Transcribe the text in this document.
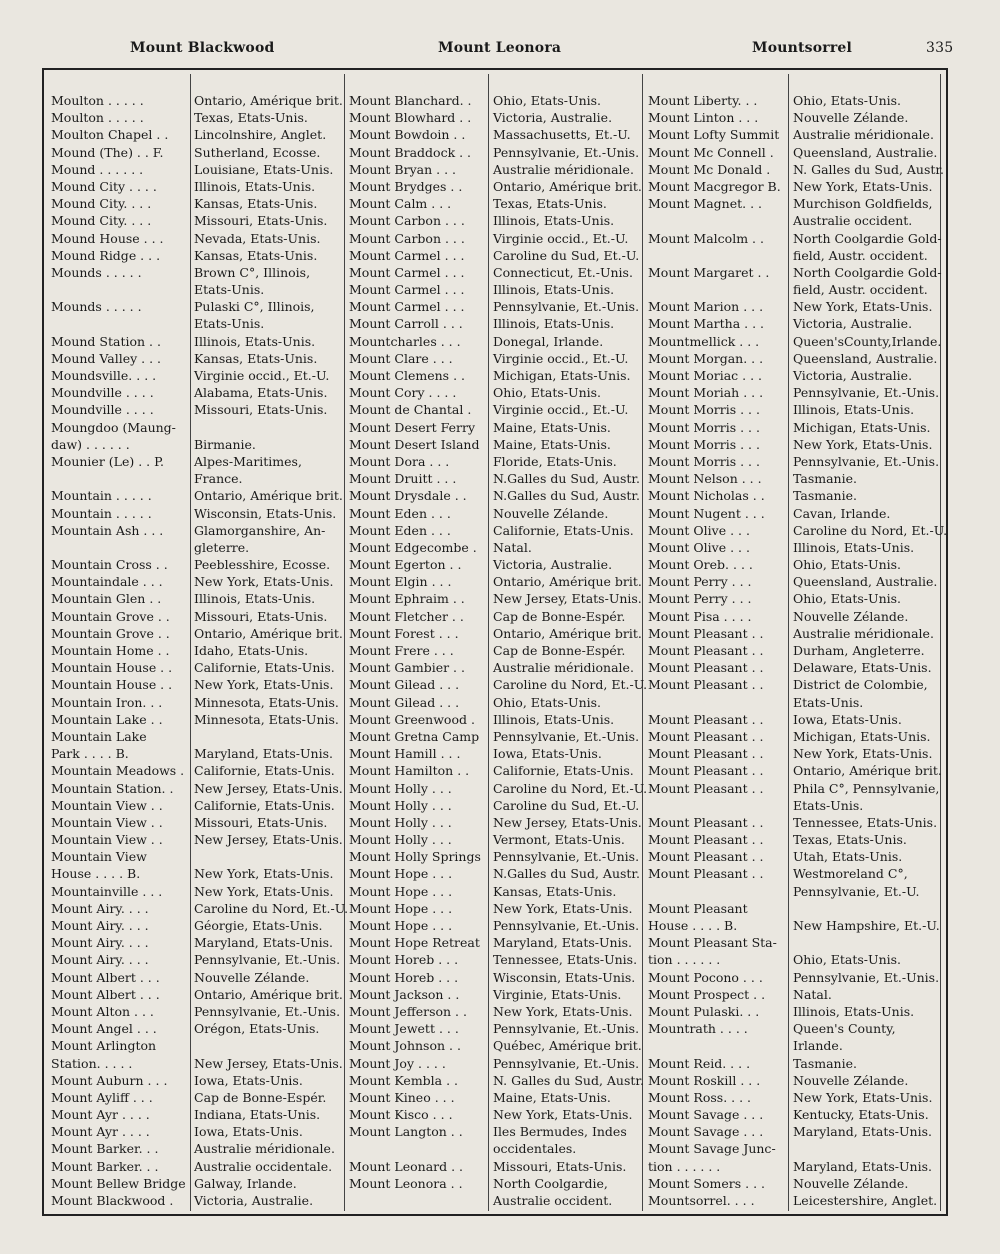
Mount Blackwood	Mount Leonora	Mountsorrel	335
Moulton . . . . .	Ontario, Amérique brit.
Moulton . . . . .	Texas, Etats-Unis.
Moulton Chapel . . Lincolnshire, Anglet.
Mound (The) . . F. Sutherland, Ecosse.
Mound . . . . . .	Louisiane, Etats-Unis.
Mound City . . . .	Illinois, Etats-Unis.
Mound City. . . .	Kansas, Etats-Unis.
Mound City. . . .	Missouri, Etats-Unis.
Mound House . . . Nevada, Etats-Unis.
Mound Ridge . . .	Kansas, Etats-Unis.
Mounds . . . . .	Brown C°, Illinois,
Etats-Unis.
Mounds . . . . .	Pulaski C°, Illinois,
Etats-Unis.
Mound Station . .	Illinois, Etats-Unis.
Mound Valley . . .	Kansas, Etats-Unis.
Moundsville. . . .	Virginie occid., Et.-U.
Moundville . . . .	Alabama, Etats-Unis.
Moundville . . . .	Missouri, Etats-Unis.
Moungdoo (Maung-
daw) . . . . . .	Birmanie.
Mounier (Le) . . P. Alpes-Maritimes,
France.
Mountain . . . . .	Ontario, Amérique brit.
Mountain . . . . .	Wisconsin, Etats-Unis.
Mountain Ash . . . Glamorganshire, An-
gleterre.
Mountain Cross . . Peeblesshire, Ecosse.
Mountaindale . . .	New York, Etats-Unis.
Mountain Glen . .	Illinois, Etats-Unis.
Mountain Grove . . Missouri, Etats-Unis.
Mountain Grove . . Ontario, Amérique brit.
Mountain Home . . Idaho, Etats-Unis.
Mountain House . . Californie, Etats-Unis.
Mountain House . . New York, Etats-Unis.
Mountain Iron. . .	Minnesota, Etats-Unis.
Mountain Lake . .	Minnesota, Etats-Unis.
Mountain Lake
Park . . . . B.	Maryland, Etats-Unis.
Mountain Meadows . Californie, Etats-Unis.
Mountain Station. . New Jersey, Etats-Unis.
Mountain View . .	Californie, Etats-Unis.
Mountain View . .	Missouri, Etats-Unis.
Mountain View . .	New Jersey, Etats-Unis.
Mountain View
House . . . . B.	New York, Etats-Unis.
Mountainville . . .	New York, Etats-Unis.
Mount Airy. . . .	Caroline du Nord, Et.-U.
Mount Airy. . . .	Géorgie, Etats-Unis.
Mount Airy. . . .	Maryland, Etats-Unis.
Mount Airy. . . .	Pennsylvanie, Et.-Unis.
Mount Albert . . .	Nouvelle Zélande.
Mount Albert . . .	Ontario, Amérique brit.
Mount Alton . . .	Pennsylvanie, Et.-Unis.
Mount Angel . . .	Orégon, Etats-Unis.
Mount Arlington
Station. . . . .	New Jersey, Etats-Unis.
Mount Auburn . . . Iowa, Etats-Unis.
Mount Ayliff . . .	Cap de Bonne-Espér.
Mount Ayr . . . .	Indiana, Etats-Unis.
Mount Ayr . . . .	Iowa, Etats-Unis.
Mount Barker. . .	Australie méridionale.
Mount Barker. . .	Australie occidentale.
Mount Bellew Bridge Galway, Irlande.
Mount Blackwood . Victoria, Australie.
Mount Blanchard. . Ohio, Etats-Unis.
Mount Blowhard . . Victoria, Australie.
Mount Bowdoin . . Massachusetts, Et.-U.
Mount Braddock . . Pennsylvanie, Et.-Unis.
Mount Bryan . . .	Australie méridionale.
Mount Brydges . . Ontario, Amérique brit.
Mount Calm . . .	Texas, Etats-Unis.
Mount Carbon . . . Illinois, Etats-Unis.
Mount Carbon . . . Virginie occid., Et.-U.
Mount Carmel . . . Caroline du Sud, Et.-U.
Mount Carmel . . . Connecticut, Et.-Unis.
Mount Carmel . . . Illinois, Etats-Unis.
Mount Carmel . . . Pennsylvanie, Et.-Unis.
Mount Carroll . . . Illinois, Etats-Unis.
Mountcharles . . .	Donegal, Irlande.
Mount Clare . . .	Virginie occid., Et.-U.
Mount Clemens . . Michigan, Etats-Unis.
Mount Cory . . . .	Ohio, Etats-Unis.
Mount de Chantal . Virginie occid., Et.-U.
Mount Desert Ferry Maine, Etats-Unis.
Mount Desert Island Maine, Etats-Unis.
Mount Dora . . .	Floride, Etats-Unis.
Mount Druitt . . .	N.Galles du Sud, Austr.
Mount Drysdale . . N.Galles du Sud, Austr.
Mount Eden . . .	Nouvelle Zélande.
Mount Eden . . .	Californie, Etats-Unis.
Mount Edgecombe . Natal.
Mount Egerton . .	Victoria, Australie.
Mount Elgin . . .	Ontario, Amérique brit.
Mount Ephraim . . New Jersey, Etats-Unis.
Mount Fletcher . . Cap de Bonne-Espér.
Mount Forest . . .	Ontario, Amérique brit.
Mount Frere . . .	Cap de Bonne-Espér.
Mount Gambier . . Australie méridionale.
Mount Gilead . . .	Caroline du Nord, Et.-U.
Mount Gilead . . .	Ohio, Etats-Unis.
Mount Greenwood . Illinois, Etats-Unis.
Mount Gretna Camp Pennsylvanie, Et.-Unis.
Mount Hamill . . .	Iowa, Etats-Unis.
Mount Hamilton . . Californie, Etats-Unis.
Mount Holly . . .	Caroline du Nord, Et.-U.
Mount Holly . . .	Caroline du Sud, Et.-U.
Mount Holly . . .	New Jersey, Etats-Unis.
Mount Holly . . .	Vermont, Etats-Unis.
Mount Holly Springs Pennsylvanie, Et.-Unis.
Mount Hope . . .	N.Galles du Sud, Austr.
Mount Hope . . .	Kansas, Etats-Unis.
Mount Hope . . .	New York, Etats-Unis.
Mount Hope . . .	Pennsylvanie, Et.-Unis.
Mount Hope Retreat Maryland, Etats-Unis.
Mount Horeb . . .	Tennessee, Etats-Unis.
Mount Horeb . . .	Wisconsin, Etats-Unis.
Mount Jackson . .	Virginie, Etats-Unis.
Mount Jefferson . . New York, Etats-Unis.
Mount Jewett . . .	Pennsylvanie, Et.-Unis.
Mount Johnson . .	Québec, Amérique brit.
Mount Joy . . . .	Pennsylvanie, Et.-Unis.
Mount Kembla . .	N. Galles du Sud, Austr.
Mount Kineo . . .	Maine, Etats-Unis.
Mount Kisco . . .	New York, Etats-Unis.
Mount Langton . . Iles Bermudes, Indes
occidentales.
Mount Leonard . . Missouri, Etats-Unis.
Mount Leonora . . North Coolgardie,
Australie occident.
Mount Liberty. . .	Ohio, Etats-Unis.
Mount Linton . . .	Nouvelle Zélande.
Mount Lofty Summit Australie méridionale.
Mount Mc Connell . Queensland, Australie.
Mount Mc Donald . N. Galles du Sud, Austr.
Mount Macgregor B. New York, Etats-Unis.
Mount Magnet. . . Murchison Goldfields,
Australie occident.
Mount Malcolm . . North Coolgardie Gold-
field, Austr. occident.
Mount Margaret . . North Coolgardie Gold-
field, Austr. occident.
Mount Marion . . . New York, Etats-Unis.
Mount Martha . . . Victoria, Australie.
Mountmellick . . .	Queen'sCounty,Irlande.
Mount Morgan. . . Queensland, Australie.
Mount Moriac . . . Victoria, Australie.
Mount Moriah . . . Pennsylvanie, Et.-Unis.
Mount Morris . . .	Illinois, Etats-Unis.
Mount Morris . . .	Michigan, Etats-Unis.
Mount Morris . . .	New York, Etats-Unis.
Mount Morris . . .	Pennsylvanie, Et.-Unis.
Mount Nelson . . .	Tasmanie.
Mount Nicholas . . Tasmanie.
Mount Nugent . . . Cavan, Irlande.
Mount Olive . . .	Caroline du Nord, Et.-U.
Mount Olive . . .	Illinois, Etats-Unis.
Mount Oreb. . . .	Ohio, Etats-Unis.
Mount Perry . . .	Queensland, Australie.
Mount Perry . . .	Ohio, Etats-Unis.
Mount Pisa . . . .	Nouvelle Zélande.
Mount Pleasant . . Australie méridionale.
Mount Pleasant . . Durham, Angleterre.
Mount Pleasant . . Delaware, Etats-Unis.
Mount Pleasant . . District de Colombie,
Etats-Unis.
Mount Pleasant . . Iowa, Etats-Unis.
Mount Pleasant . . Michigan, Etats-Unis.
Mount Pleasant . . New York, Etats-Unis.
Mount Pleasant . . Ontario, Amérique brit.
Mount Pleasant . . Phila C°, Pennsylvanie,
Etats-Unis.
Mount Pleasant . . Tennessee, Etats-Unis.
Mount Pleasant . . Texas, Etats-Unis.
Mount Pleasant . . Utah, Etats-Unis.
Mount Pleasant . . Westmoreland C°,
Pennsylvanie, Et.-U.
Mount Pleasant
House . . . . B.	New Hampshire, Et.-U.
Mount Pleasant Sta-
tion . . . . . .	Ohio, Etats-Unis.
Mount Pocono . . . Pennsylvanie, Et.-Unis.
Mount Prospect . . Natal.
Mount Pulaski. . .	Illinois, Etats-Unis.
Mountrath . . . .	Queen's County,
Irlande.
Mount Reid. . . .	Tasmanie.
Mount Roskill . . .	Nouvelle Zélande.
Mount Ross. . . .	New York, Etats-Unis.
Mount Savage . . . Kentucky, Etats-Unis.
Mount Savage . . . Maryland, Etats-Unis.
Mount Savage Junc-
tion . . . . . .	Maryland, Etats-Unis.
Mount Somers . . . Nouvelle Zélande.
Mountsorrel. . . .	Leicestershire, Anglet.
